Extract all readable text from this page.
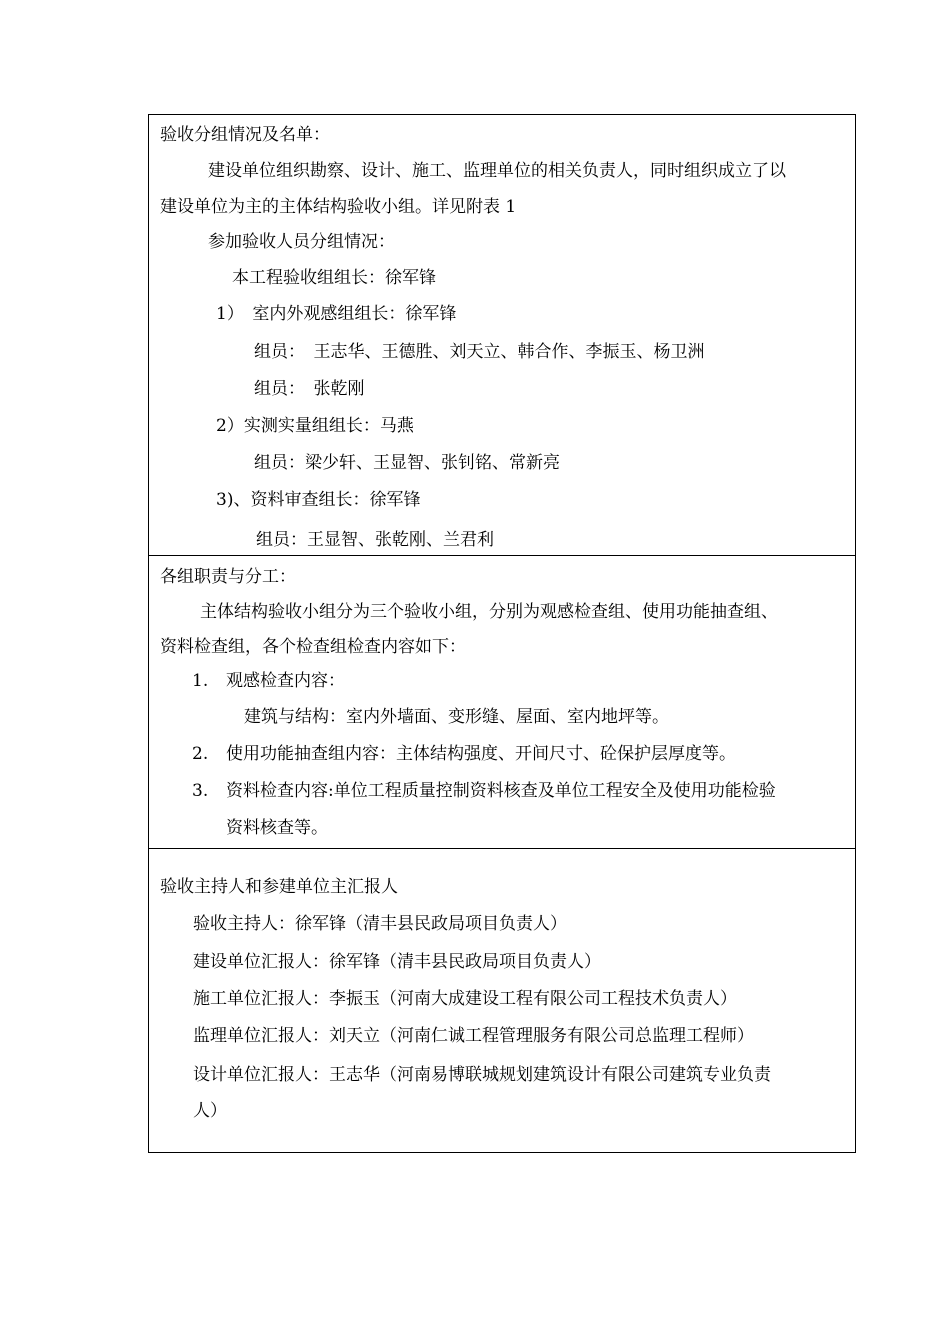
验收分组情况及名单：
建设单位组织勘察、设计、施工、监理单位的相关负责人，同时组织成立了以
建设单位为主的主体结构验收小组。详见附表 1
参加验收人员分组情况：
本工程验收组组长：徐军锋
1）　室内外观感组组长：徐军锋
组员：　王志华、王德胜、刘天立、韩合作、李振玉、杨卫洲
组员：　张乾刚
2）实测实量组组长：马燕
组员：梁少轩、王显智、张钊铭、常新亮
3)、资料审查组长：徐军锋
组员：王显智、张乾刚、兰君利
各组职责与分工：
主体结构验收小组分为三个验收小组，分别为观感检查组、使用功能抽查组、
资料检查组，各个检查组检查内容如下：
1. 观感检查内容：
建筑与结构：室内外墙面、变形缝、屋面、室内地坪等。
2. 使用功能抽查组内容：主体结构强度、开间尺寸、砼保护层厚度等。
3. 资料检查内容:单位工程质量控制资料核查及单位工程安全及使用功能检验
资料核查等。
验收主持人和参建单位主汇报人
验收主持人：徐军锋（清丰县民政局项目负责人）
建设单位汇报人：徐军锋（清丰县民政局项目负责人）
施工单位汇报人：李振玉（河南大成建设工程有限公司工程技术负责人）
监理单位汇报人：刘天立（河南仁诚工程管理服务有限公司总监理工程师）
设计单位汇报人：王志华（河南易博联城规划建筑设计有限公司建筑专业负责
人）
